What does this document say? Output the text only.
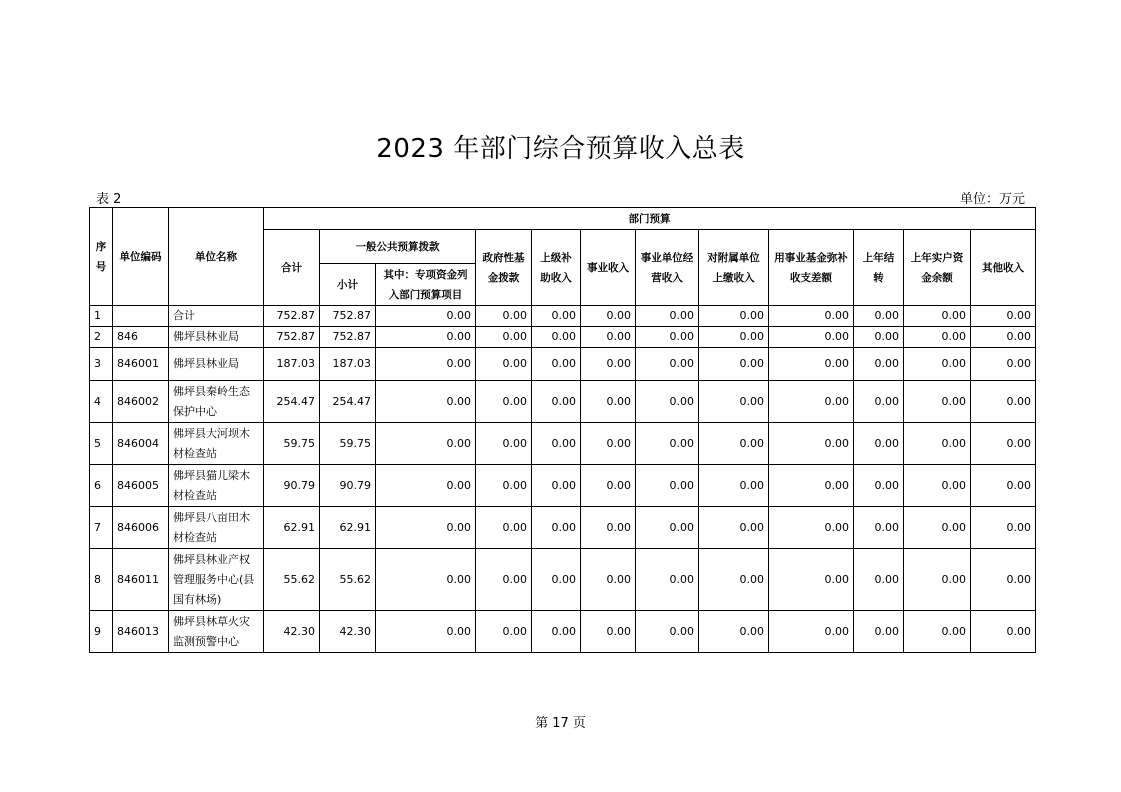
2023 年部门综合预算收入总表
表 2	单位：万元
序号	单位编码	单位名称	部门预算											
			合计	一般公共预算拨款		政府性基金拨款	上级补助收入	事业收入	事业单位经营收入	对附属单位上缴收入	用事业基金弥补收支差额	上年结转	上年实户资金余额	其他收入
				小计	其中：专项资金列入部门预算项目									
1		合计	752.87	752.87	0.00	0.00	0.00	0.00	0.00	0.00	0.00	0.00	0.00	0.00
2	846	佛坪县林业局	752.87	752.87	0.00	0.00	0.00	0.00	0.00	0.00	0.00	0.00	0.00	0.00
3	846001	佛坪县林业局	187.03	187.03	0.00	0.00	0.00	0.00	0.00	0.00	0.00	0.00	0.00	0.00
4	846002	佛坪县秦岭生态保护中心	254.47	254.47	0.00	0.00	0.00	0.00	0.00	0.00	0.00	0.00	0.00	0.00
5	846004	佛坪县大河坝木材检查站	59.75	59.75	0.00	0.00	0.00	0.00	0.00	0.00	0.00	0.00	0.00	0.00
6	846005	佛坪县猫儿梁木材检查站	90.79	90.79	0.00	0.00	0.00	0.00	0.00	0.00	0.00	0.00	0.00	0.00
7	846006	佛坪县八亩田木材检查站	62.91	62.91	0.00	0.00	0.00	0.00	0.00	0.00	0.00	0.00	0.00	0.00
8	846011	佛坪县林业产权管理服务中心(县国有林场)	55.62	55.62	0.00	0.00	0.00	0.00	0.00	0.00	0.00	0.00	0.00	0.00
9	846013	佛坪县林草火灾监测预警中心	42.30	42.30	0.00	0.00	0.00	0.00	0.00	0.00	0.00	0.00	0.00	0.00
第 17 页
